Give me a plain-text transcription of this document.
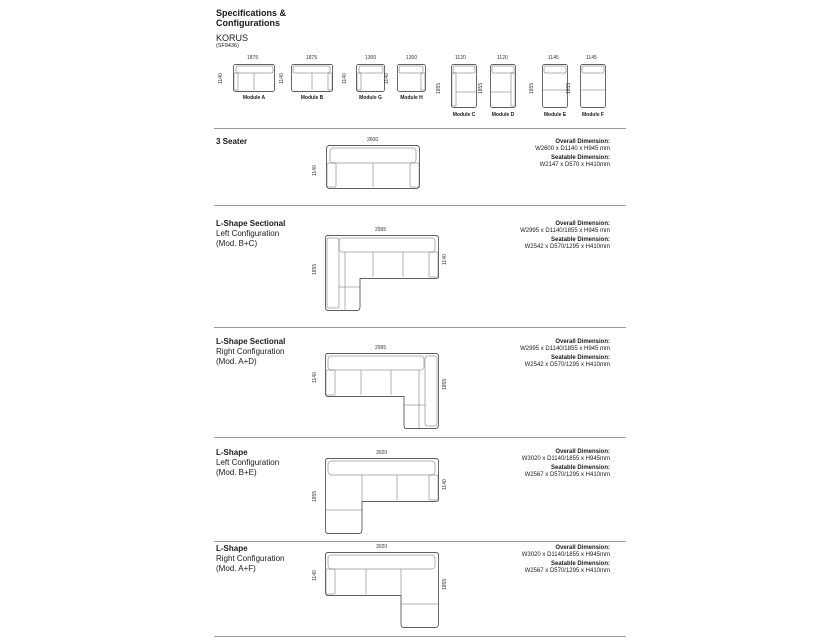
Specifications &
Configurations
KORUS
(SF9436)
1875
1140
Module A
1875
1140
Module B
1300
1140
Module G
1300
1140
Module H
1120
1855
Module C
1120
1855
Module D
1145
1855
Module E
1145
1855
Module F
3 Seater	2600
1140
Overall Dimension:
W2600 x D1140 x H945 mm
Seatable Dimension:
W2147 x D570 x H410mm
L-Shape Sectional
Left Configuration
(Mod. B+C)
2995
1855
1140
Overall Dimension:
W2995 x D1140/1855 x H945 mm
Seatable Dimension:
W2542 x D570/1295 x H410mm
L-Shape Sectional
Right Configuration
(Mod. A+D)
2995
1140
1855
Overall Dimension:
W2995 x D1140/1855 x H945 mm
Seatable Dimension:
W2542 x D570/1295 x H410mm
L-Shape
Left Configuration
(Mod. B+E)
3020
1855
1140
Overall Dimension:
W3020 x D1140/1855 x H945mm
Seatable Dimension:
W2567 x D570/1295 x H410mm
L-Shape
Right Configuration
(Mod. A+F)
3020
1140
1855
Overall Dimension:
W3020 x D1140/1855 x H945mm
Seatable Dimension:
W2567 x D570/1295 x H410mm
